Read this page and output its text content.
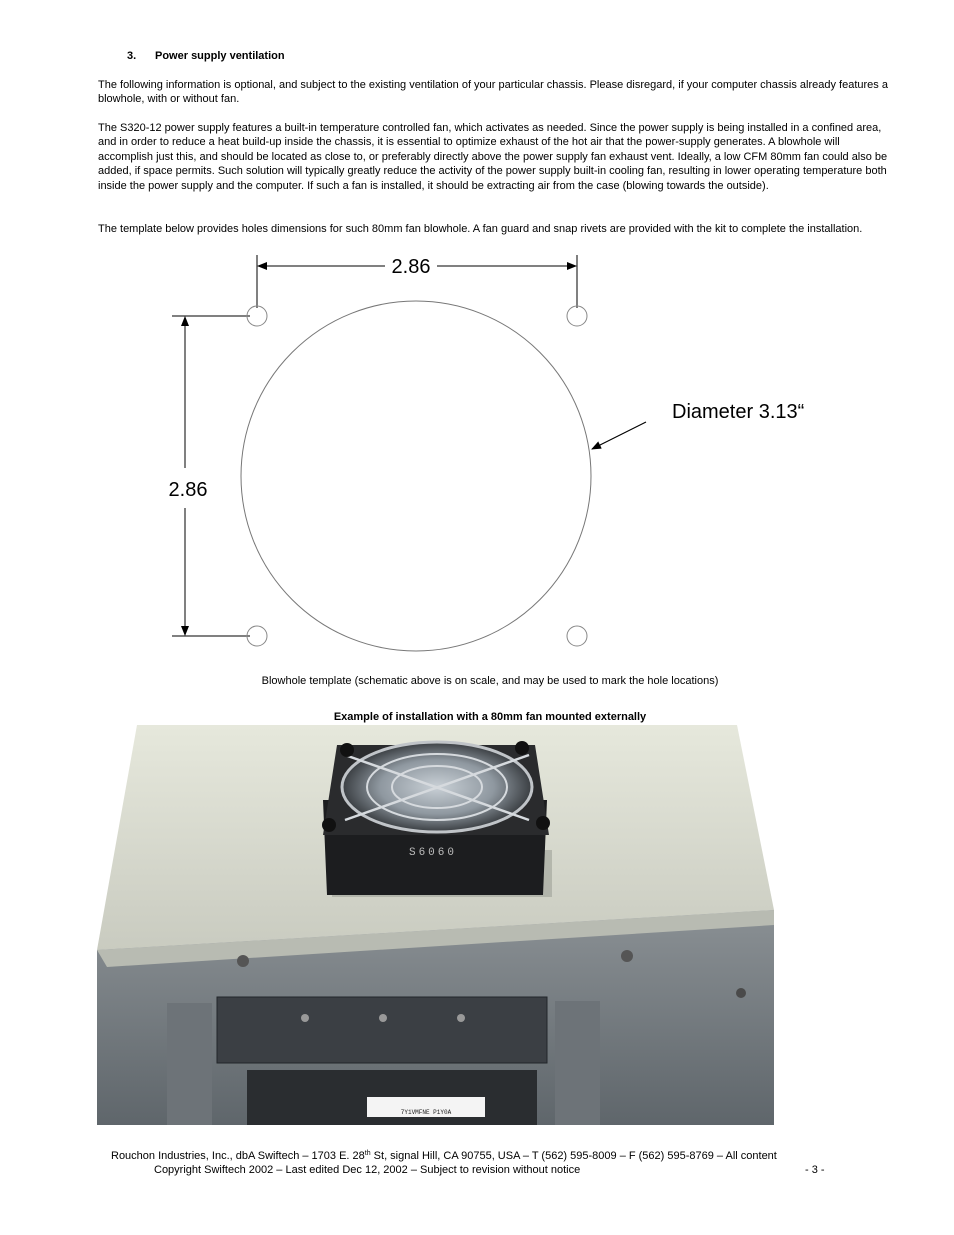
3. Power supply ventilation
The following information is optional, and subject to the existing ventilation of your particular chassis. Please disregard, if your computer chassis already features a blowhole, with or without fan.
The S320-12 power supply features a built-in temperature controlled fan, which activates as needed. Since the power supply is being installed in a confined area, and in order to reduce a heat build-up inside the chassis, it is essential to optimize exhaust of the hot air that the power-supply generates. A blowhole will accomplish just this, and should be located as close to, or preferably directly above the power supply fan exhaust vent. Ideally, a low CFM 80mm fan could also be added, if space permits. Such solution will typically greatly reduce the activity of the power supply built-in cooling fan, resulting in lower operating temperature both inside the power supply and the computer. If such a fan is installed, it should be extracting air from the case (blowing towards the outside).
The template below provides holes dimensions for such 80mm fan blowhole. A fan guard and snap rivets are provided with the kit to complete the installation.
2.86
2.86
Diameter 3.13“
Blowhole template (schematic above is on scale, and may be used to mark the hole locations)
Example of installation with a 80mm fan mounted externally
7Y1VMFNE P1Y0A
S6060
Rouchon Industries, Inc., dbA Swiftech – 1703 E. 28th St, signal Hill, CA 90755, USA – T (562) 595-8009 – F (562) 595-8769 – All content
Copyright Swiftech 2002 – Last edited Dec 12, 2002 – Subject to revision without notice	- 3 -
